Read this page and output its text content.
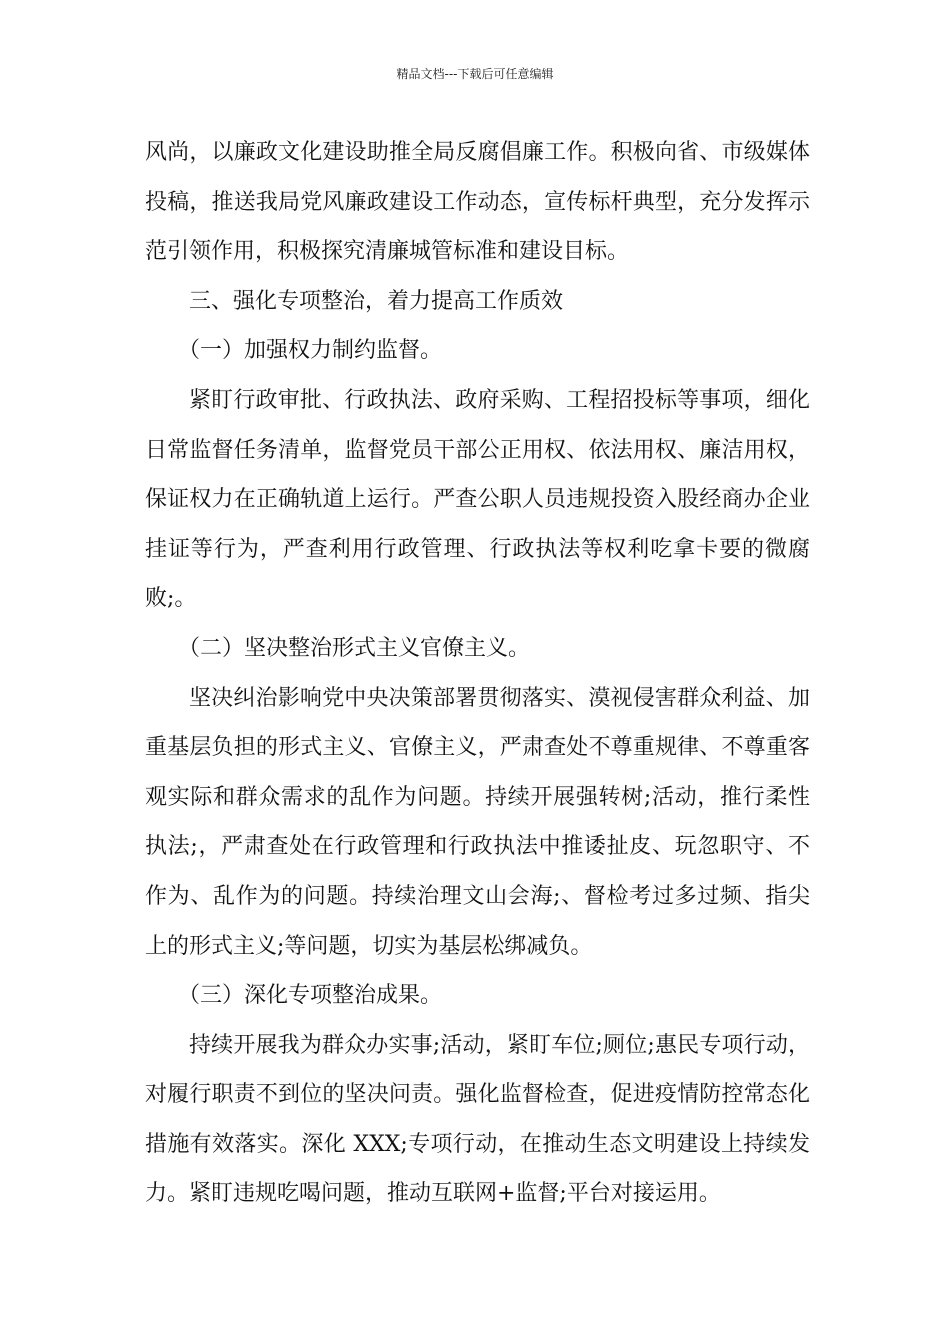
精品文档---下载后可任意编辑

风尚，以廉政文化建设助推全局反腐倡廉工作。积极向省、市级媒体投稿，推送我局党风廉政建设工作动态，宣传标杆典型，充分发挥示范引领作用，积极探究清廉城管标准和建设目标。

三、强化专项整治，着力提高工作质效

（一）加强权力制约监督。

紧盯行政审批、行政执法、政府采购、工程招投标等事项，细化日常监督任务清单，监督党员干部公正用权、依法用权、廉洁用权，保证权力在正确轨道上运行。严查公职人员违规投资入股经商办企业挂证等行为，严查利用行政管理、行政执法等权利吃拿卡要的微腐败;。

（二）坚决整治形式主义官僚主义。

坚决纠治影响党中央决策部署贯彻落实、漠视侵害群众利益、加重基层负担的形式主义、官僚主义，严肃查处不尊重规律、不尊重客观实际和群众需求的乱作为问题。持续开展强转树;活动，推行柔性执法;，严肃查处在行政管理和行政执法中推诿扯皮、玩忽职守、不作为、乱作为的问题。持续治理文山会海;、督检考过多过频、指尖上的形式主义;等问题，切实为基层松绑减负。

（三）深化专项整治成果。

持续开展我为群众办实事;活动，紧盯车位;厕位;惠民专项行动，对履行职责不到位的坚决问责。强化监督检查，促进疫情防控常态化措施有效落实。深化 XXX;专项行动，在推动生态文明建设上持续发力。紧盯违规吃喝问题，推动互联网+监督;平台对接运用。
